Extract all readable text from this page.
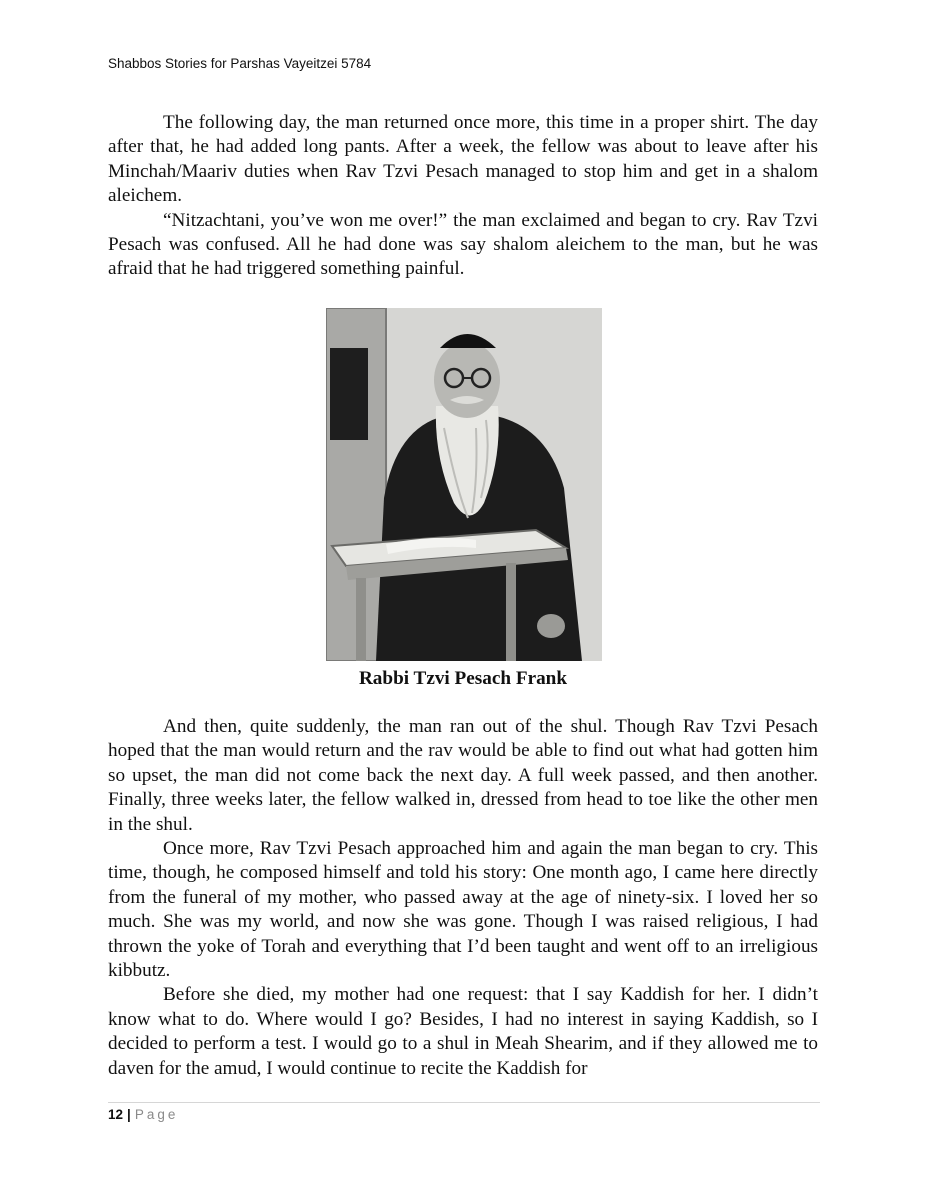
Shabbos Stories for Parshas Vayeitzei 5784

The following day, the man returned once more, this time in a proper shirt. The day after that, he had added long pants. After a week, the fellow was about to leave after his Minchah/Maariv duties when Rav Tzvi Pesach managed to stop him and get in a shalom aleichem.

“Nitzachtani, you’ve won me over!” the man exclaimed and began to cry. Rav Tzvi Pesach was confused. All he had done was say shalom aleichem to the man, but he was afraid that he had triggered something painful.

Rabbi Tzvi Pesach Frank

And then, quite suddenly, the man ran out of the shul. Though Rav Tzvi Pesach hoped that the man would return and the rav would be able to find out what had gotten him so upset, the man did not come back the next day. A full week passed, and then another. Finally, three weeks later, the fellow walked in, dressed from head to toe like the other men in the shul.

Once more, Rav Tzvi Pesach approached him and again the man began to cry. This time, though, he composed himself and told his story: One month ago, I came here directly from the funeral of my mother, who passed away at the age of ninety-six. I loved her so much. She was my world, and now she was gone. Though I was raised religious, I had thrown the yoke of Torah and everything that I’d been taught and went off to an irreligious kibbutz.

Before she died, my mother had one request: that I say Kaddish for her. I didn’t know what to do. Where would I go? Besides, I had no interest in saying Kaddish, so I decided to perform a test. I would go to a shul in Meah Shearim, and if they allowed me to daven for the amud, I would continue to recite the Kaddish for

12 | Page
